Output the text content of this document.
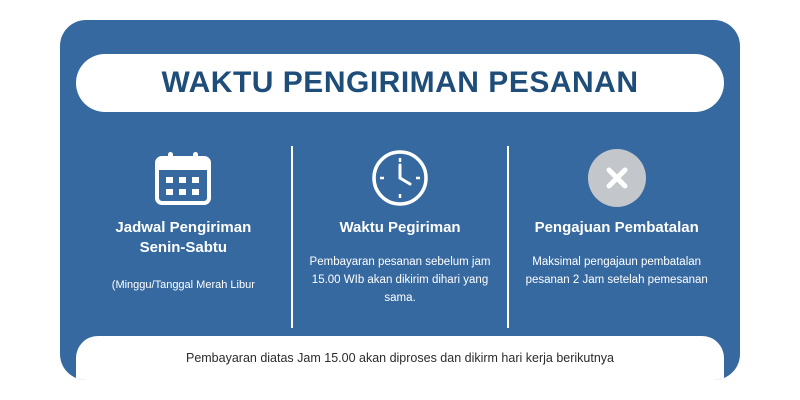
WAKTU PENGIRIMAN PESANAN
Jadwal Pengiriman
Senin-Sabtu
(Minggu/Tanggal Merah Libur
Waktu Pegiriman
Pembayaran pesanan sebelum jam 15.00 WIb akan dikirim dihari yang sama.
Pengajuan Pembatalan
Maksimal pengajaun pembatalan pesanan 2 Jam setelah pemesanan
Pembayaran diatas Jam 15.00 akan diproses dan dikirm hari kerja berikutnya
